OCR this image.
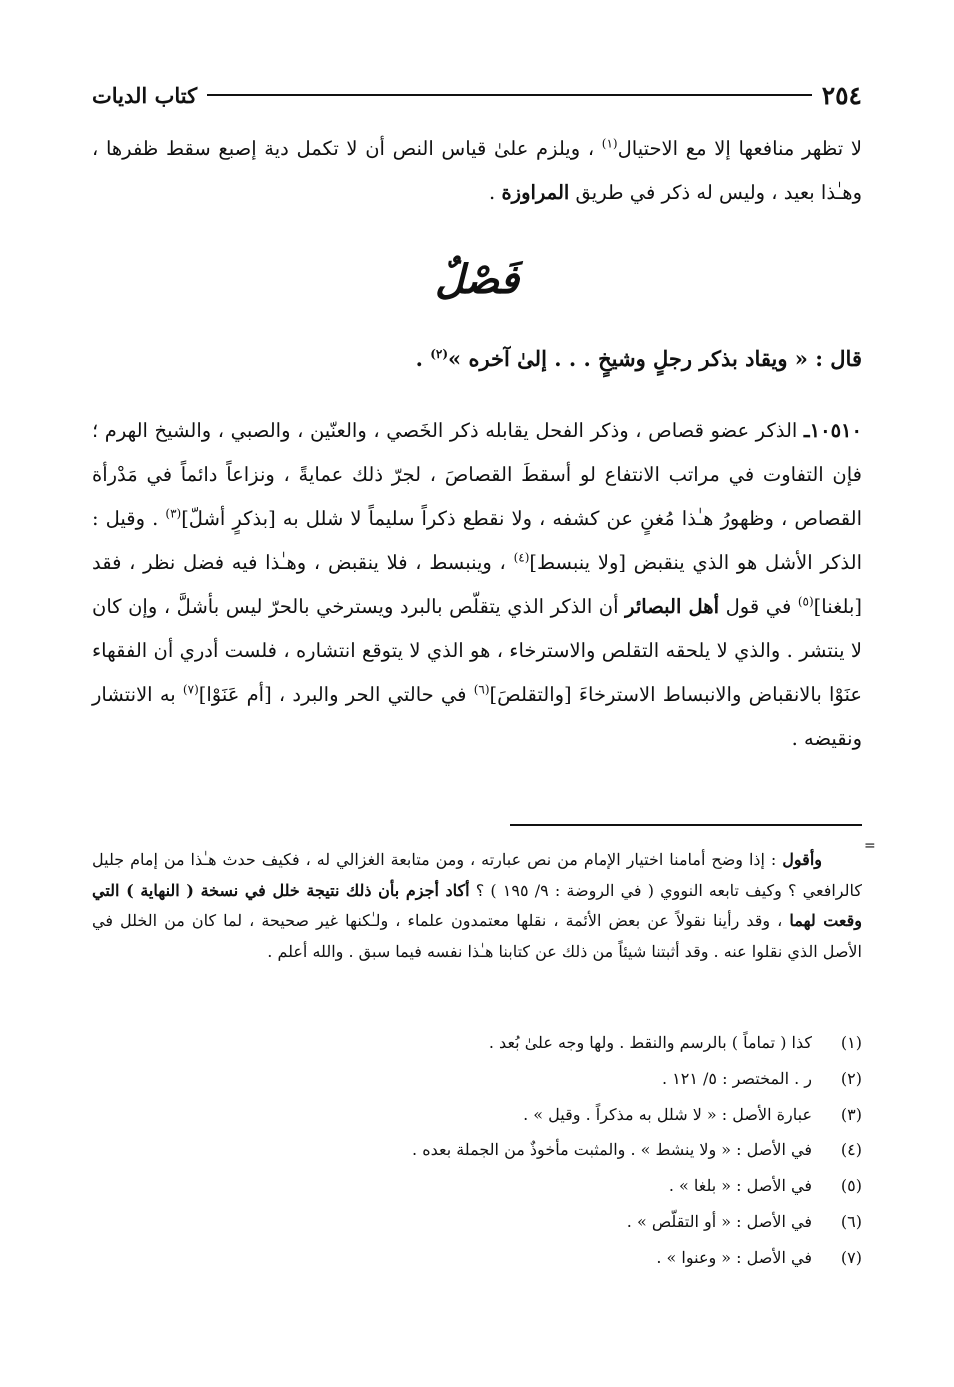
٢٥٤
كتاب الديات
لا تظهر منافعها إلا مع الاحتيال$^{(١)}$ ، ويلزم علىٰ قياس النص أن لا تكمل دية إصبع سقط ظفرها ، وهـٰذا بعيد ، وليس له ذكر في طريق المراوزة .
فَصْلٌ
قال : « ويقاد بذكر رجلٍ وشيخٍ . . . إلىٰ آخره »$^{(٢)}$ .
١٠٥١٠ـ الذكر عضو قصاص ، وذكر الفحل يقابله ذكر الخَصي ، والعنّين ، والصبي ، والشيخ الهرم ؛ فإن التفاوت في مراتب الانتفاع لو أسقطَ القصاصَ ، لجرّ ذلك عمايةً ، ونزاعاً دائماً في مَدْرأة القصاص ، وظهورُ هـٰذا مُغنٍ عن كشفه ، ولا نقطع ذكراً سليماً لا شلل به [بذكرٍ أشلّ]$^{(٣)}$ . وقيل : الذكر الأشل هو الذي ينقبض [ولا ينبسط]$^{(٤)}$ ، وينبسط ، فلا ينقبض ، وهـٰذا فيه فضل نظر ، فقد [بلغنا]$^{(٥)}$ في قول أهل البصائر أن الذكر الذي يتقلّص بالبرد ويسترخي بالحرّ ليس بأشلَّ ، وإن كان لا ينتشر . والذي لا يلحقه التقلص والاسترخاء ، هو الذي لا يتوقع انتشاره ، فلست أدري أن الفقهاء عنَوْا بالانقباض والانبساط الاسترخاءَ [والتقلصَ]$^{(٦)}$ في حالتي الحر والبرد ، [أم عَنَوْا]$^{(٧)}$ به الانتشار ونقيضه .
=
وأقول : إذا وضح أمامنا اختيار الإمام من نص عبارته ، ومن متابعة الغزالي له ، فكيف حدث هـٰذا من إمام جليل كالرافعي ؟ وكيف تابعه النووي ( في الروضة : ٩/ ١٩٥ ) ؟ أكاد أجزم بأن ذلك نتيجة خلل في نسخة ( النهاية ) التي وقعت لهما ، وقد رأينا نقولاً عن بعض الأئمة ، نقلها معتمدون علماء ، ولـٰكنها غير صحيحة ، لما كان من الخلل في الأصل الذي نقلوا عنه . وقد أثبتنا شيئاً من ذلك عن كتابنا هـٰذا نفسه فيما سبق . والله أعلم .
(١)
كذا ( تماماً ) بالرسم والنقط . ولها وجه علىٰ بُعد .
(٢)
ر . المختصر : ٥/ ١٢١ .
(٣)
عبارة الأصل : « لا شلل به مذكراً . وقيل » .
(٤)
في الأصل : « ولا ينشط » . والمثبت مأخوذٌ من الجملة بعده .
(٥)
في الأصل : « بلغا » .
(٦)
في الأصل : « أو التقلّص » .
(٧)
في الأصل : « وعنوا » .
